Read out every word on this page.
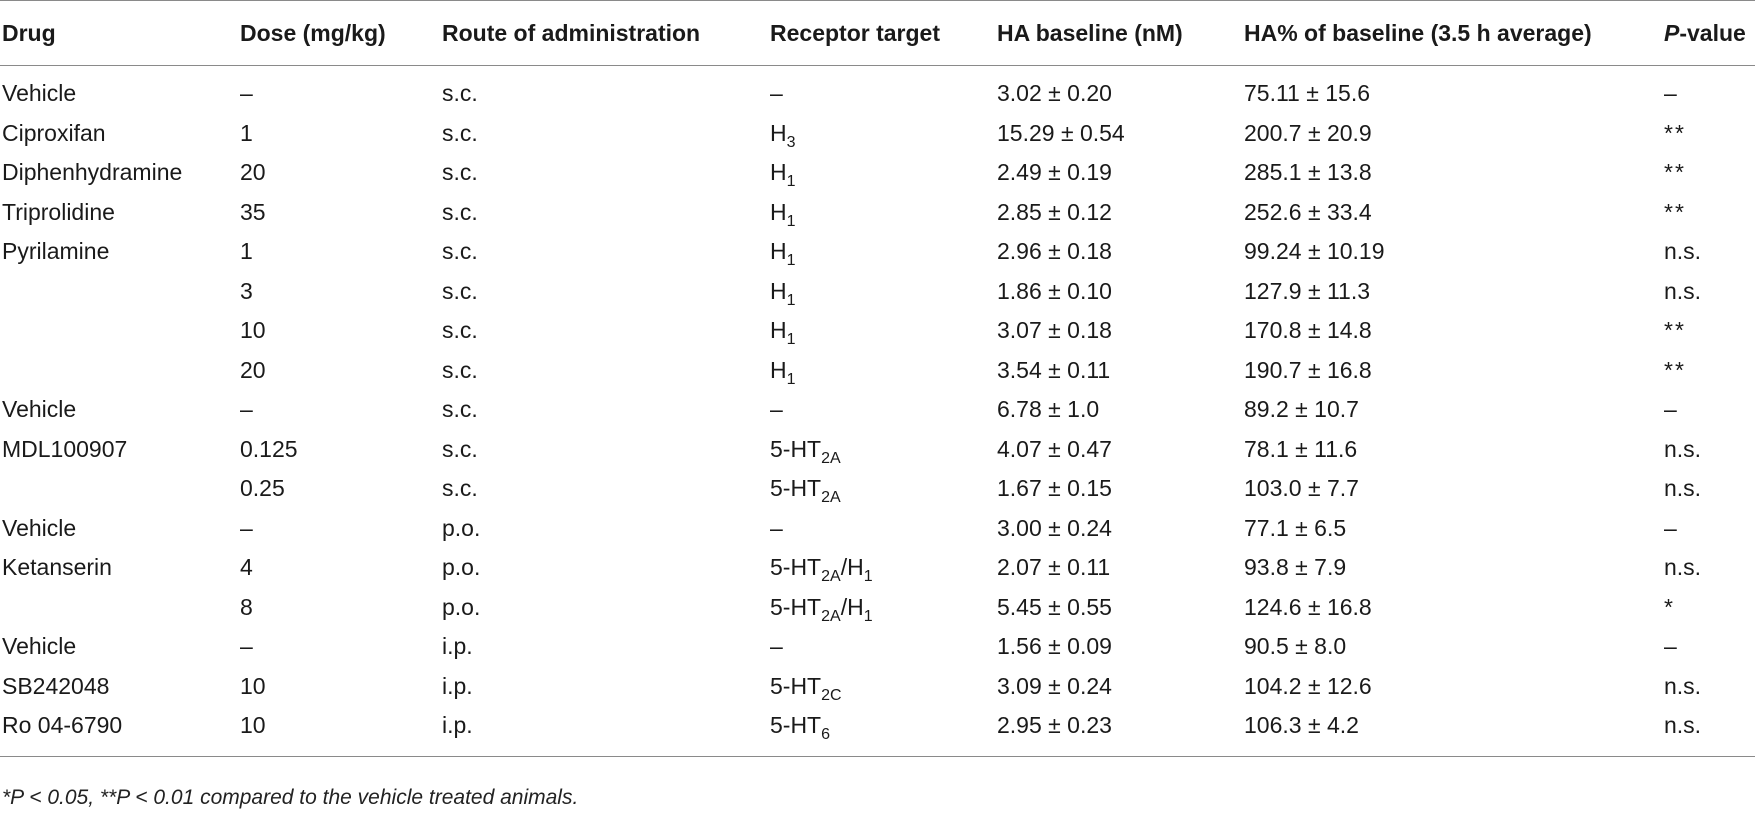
Drug	Dose (mg/kg)	Route of administration	Receptor target	HA baseline (nM)	HA% of baseline (3.5 h average)	P-value
Vehicle	–	s.c.	–	3.02 ± 0.20	75.11 ± 15.6	–
Ciproxifan	1	s.c.	$H_3$	15.29 ± 0.54	200.7 ± 20.9	**
Diphenhydramine	20	s.c.	$H_1$	2.49 ± 0.19	285.1 ± 13.8	**
Triprolidine	35	s.c.	$H_1$	2.85 ± 0.12	252.6 ± 33.4	**
Pyrilamine	1	s.c.	$H_1$	2.96 ± 0.18	99.24 ± 10.19	n.s.
	3	s.c.	$H_1$	1.86 ± 0.10	127.9 ± 11.3	n.s.
	10	s.c.	$H_1$	3.07 ± 0.18	170.8 ± 14.8	**
	20	s.c.	$H_1$	3.54 ± 0.11	190.7 ± 16.8	**
Vehicle	–	s.c.	–	6.78 ± 1.0	89.2 ± 10.7	–
MDL100907	0.125	s.c.	$5-HT_{2A}$	4.07 ± 0.47	78.1 ± 11.6	n.s.
	0.25	s.c.	$5-HT_{2A}$	1.67 ± 0.15	103.0 ± 7.7	n.s.
Vehicle	–	p.o.	–	3.00 ± 0.24	77.1 ± 6.5	–
Ketanserin	4	p.o.	$5-HT_{2A}/H_1$	2.07 ± 0.11	93.8 ± 7.9	n.s.
	8	p.o.	$5-HT_{2A}/H_1$	5.45 ± 0.55	124.6 ± 16.8	*
Vehicle	–	i.p.	–	1.56 ± 0.09	90.5 ± 8.0	–
SB242048	10	i.p.	$5-HT_{2C}$	3.09 ± 0.24	104.2 ± 12.6	n.s.
Ro 04-6790	10	i.p.	$5-HT_6$	2.95 ± 0.23	106.3 ± 4.2	n.s.
*P < 0.05, **P < 0.01 compared to the vehicle treated animals.
